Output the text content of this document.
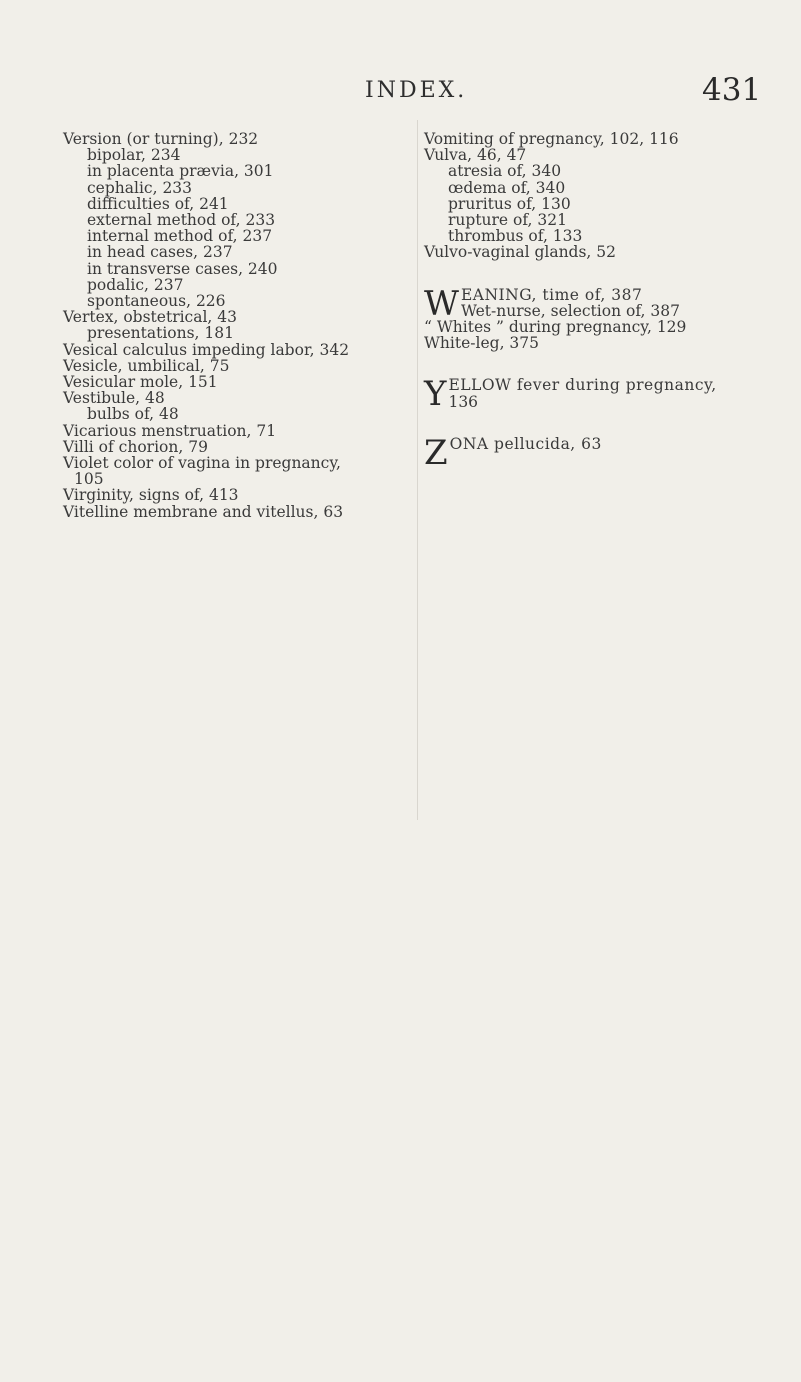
INDEX.	431

Version (or turning), 232

bipolar, 234

in placenta prævia, 301

cephalic, 233

difficulties of, 241

external method of, 233

internal method of, 237

in head cases, 237

in transverse cases, 240

podalic, 237

spontaneous, 226

Vertex, obstetrical, 43

presentations, 181

Vesical calculus impeding labor, 342

Vesicle, umbilical, 75

Vesicular mole, 151

Vestibule, 48

bulbs of, 48

Vicarious menstruation, 71

Villi of chorion, 79

Violet color of vagina in pregnancy,

105

Virginity, signs of, 413

Vitelline membrane and vitellus, 63

Vomiting of pregnancy, 102, 116

Vulva, 46, 47

atresia of, 340

œdema of, 340

pruritus of, 130

rupture of, 321

thrombus of, 133

Vulvo-vaginal glands, 52

W EANING, time of, 387

Wet-nurse, selection of, 387

“ Whites ” during pregnancy, 129

White-leg, 375

Y ELLOW fever during pregnancy,

136

Z ONA pellucida, 63
